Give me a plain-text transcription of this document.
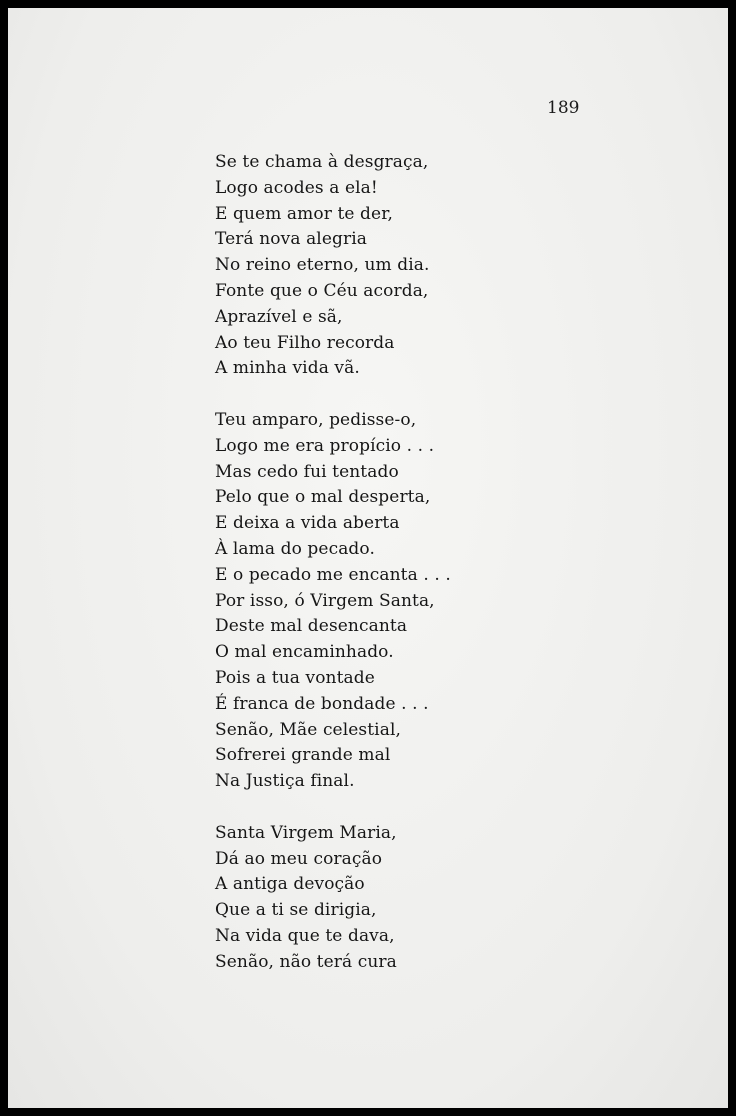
189
Se te chama à desgraça,
Logo acodes a ela!
E quem amor te der,
Terá nova alegria
No reino eterno, um dia.
Fonte que o Céu acorda,
Aprazível e sã,
Ao teu Filho recorda
A minha vida vã.
Teu amparo, pedisse-o,
Logo me era propício . . .
Mas cedo fui tentado
Pelo que o mal desperta,
E deixa a vida aberta
À lama do pecado.
E o pecado me encanta . . .
Por isso, ó Virgem Santa,
Deste mal desencanta
O mal encaminhado.
Pois a tua vontade
É franca de bondade . . .
Senão, Mãe celestial,
Sofrerei grande mal
Na Justiça final.
Santa Virgem Maria,
Dá ao meu coração
A antiga devoção
Que a ti se dirigia,
Na vida que te dava,
Senão, não terá cura
